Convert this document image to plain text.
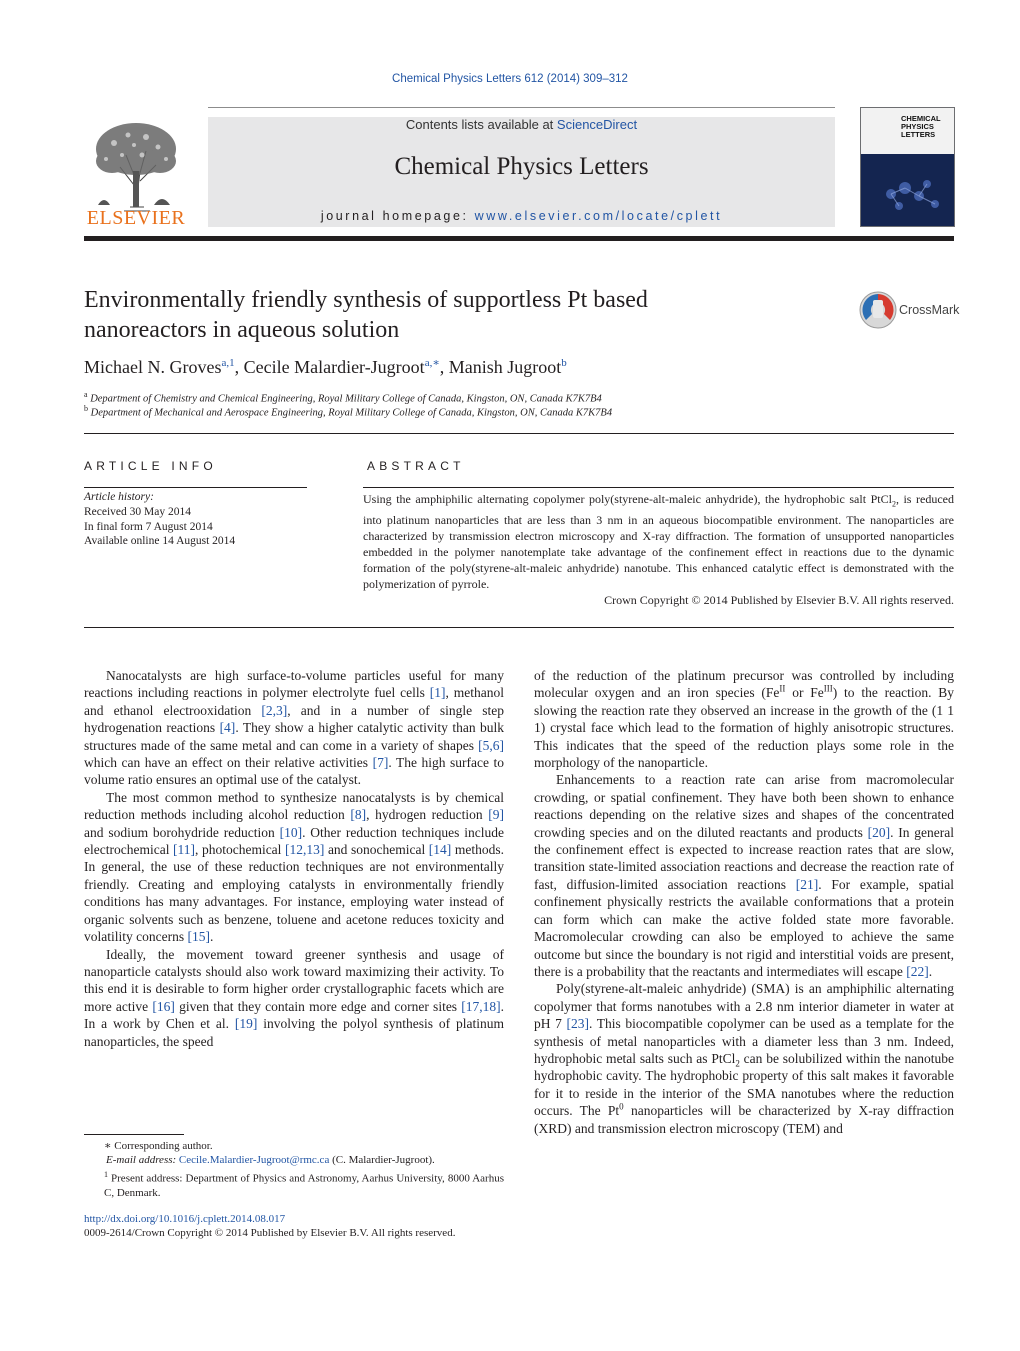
Chemical Physics Letters 612 (2014) 309–312
ELSEVIER
Contents lists available at ScienceDirect
Chemical Physics Letters
journal homepage: www.elsevier.com/locate/cplett
CHEMICAL
PHYSICS
LETTERS
Environmentally friendly synthesis of supportless Pt based
nanoreactors in aqueous solution
CrossMark
Michael N. Groves$^{a,1}$, Cecile Malardier-Jugroot$^{a,∗}$, Manish Jugroot$^b$
$^a$ Department of Chemistry and Chemical Engineering, Royal Military College of Canada, Kingston, ON, Canada K7K7B4
$^b$ Department of Mechanical and Aerospace Engineering, Royal Military College of Canada, Kingston, ON, Canada K7K7B4
ARTICLE INFO
Article history:
Received 30 May 2014
In final form 7 August 2014
Available online 14 August 2014
ABSTRACT
Using the amphiphilic alternating copolymer poly(styrene-alt-maleic anhydride), the hydrophobic salt PtCl$_2$, is reduced into platinum nanoparticles that are less than 3 nm in an aqueous biocompatible environment. The nanoparticles are characterized by transmission electron microscopy and X-ray diffraction. The formation of unsupported nanoparticles embedded in the polymer nanotemplate take advantage of the confinement effect in reactions due to the dynamic formation of the poly(styrene-alt-maleic anhydride) nanotube. This enhanced catalytic effect is demonstrated with the polymerization of pyrrole.
Crown Copyright © 2014 Published by Elsevier B.V. All rights reserved.

Nanocatalysts are high surface-to-volume particles useful for many reactions including reactions in polymer electrolyte fuel cells [1], methanol and ethanol electrooxidation [2,3], and in a number of single step hydrogenation reactions [4]. They show a higher catalytic activity than bulk structures made of the same metal and can come in a variety of shapes [5,6] which can have an effect on their relative activities [7]. The high surface to volume ratio ensures an optimal use of the catalyst.

The most common method to synthesize nanocatalysts is by chemical reduction methods including alcohol reduction [8], hydrogen reduction [9] and sodium borohydride reduction [10]. Other reduction techniques include electrochemical [11], photochemical [12,13] and sonochemical [14] methods. In general, the use of these reduction techniques are not environmentally friendly. Creating and employing catalysts in environmentally friendly conditions has many advantages. For instance, employing water instead of organic solvents such as benzene, toluene and acetone reduces toxicity and volatility concerns [15].

Ideally, the movement toward greener synthesis and usage of nanoparticle catalysts should also work toward maximizing their activity. To this end it is desirable to form higher order crystallographic facets which are more active [16] given that they contain more edge and corner sites [17,18]. In a work by Chen et al. [19] involving the polyol synthesis of platinum nanoparticles, the speed

of the reduction of the platinum precursor was controlled by including molecular oxygen and an iron species ($Fe^{II}$ or $Fe^{III}$) to the reaction. By slowing the reaction rate they observed an increase in the growth of the (1 1 1) crystal face which lead to the formation of highly anisotropic structures. This indicates that the speed of the reduction plays some role in the morphology of the nanoparticle.

Enhancements to a reaction rate can arise from macromolecular crowding, or spatial confinement. They have both been shown to enhance reactions depending on the relative sizes and shapes of the concentrated crowding species and on the diluted reactants and products [20]. In general the confinement effect is expected to increase reaction rates that are slow, transition state-limited association reactions and decrease the reaction rate of fast, diffusion-limited association reactions [21]. For example, spatial confinement physically restricts the available conformations that a protein can form which can make the active folded state more favorable. Macromolecular crowding can also be employed to achieve the same outcome but since the boundary is not rigid and interstitial voids are present, there is a probability that the reactants and intermediates will escape [22].

Poly(styrene-alt-maleic anhydride) (SMA) is an amphiphilic alternating copolymer that forms nanotubes with a 2.8 nm interior diameter in water at pH 7 [23]. This biocompatible copolymer can be used as a template for the synthesis of metal nanoparticles with a diameter less than 3 nm. Indeed, hydrophobic metal salts such as PtCl$_2$ can be solubilized within the nanotube hydrophobic cavity. The hydrophobic property of this salt makes it favorable for it to reside in the interior of the SMA nanotubes where the reduction occurs. The Pt$^0$ nanoparticles will be characterized by X-ray diffraction (XRD) and transmission electron microscopy (TEM) and

∗ Corresponding author.
E-mail address: Cecile.Malardier-Jugroot@rmc.ca (C. Malardier-Jugroot).
$^1$ Present address: Department of Physics and Astronomy, Aarhus University, 8000 Aarhus C, Denmark.
http://dx.doi.org/10.1016/j.cplett.2014.08.017
0009-2614/Crown Copyright © 2014 Published by Elsevier B.V. All rights reserved.
